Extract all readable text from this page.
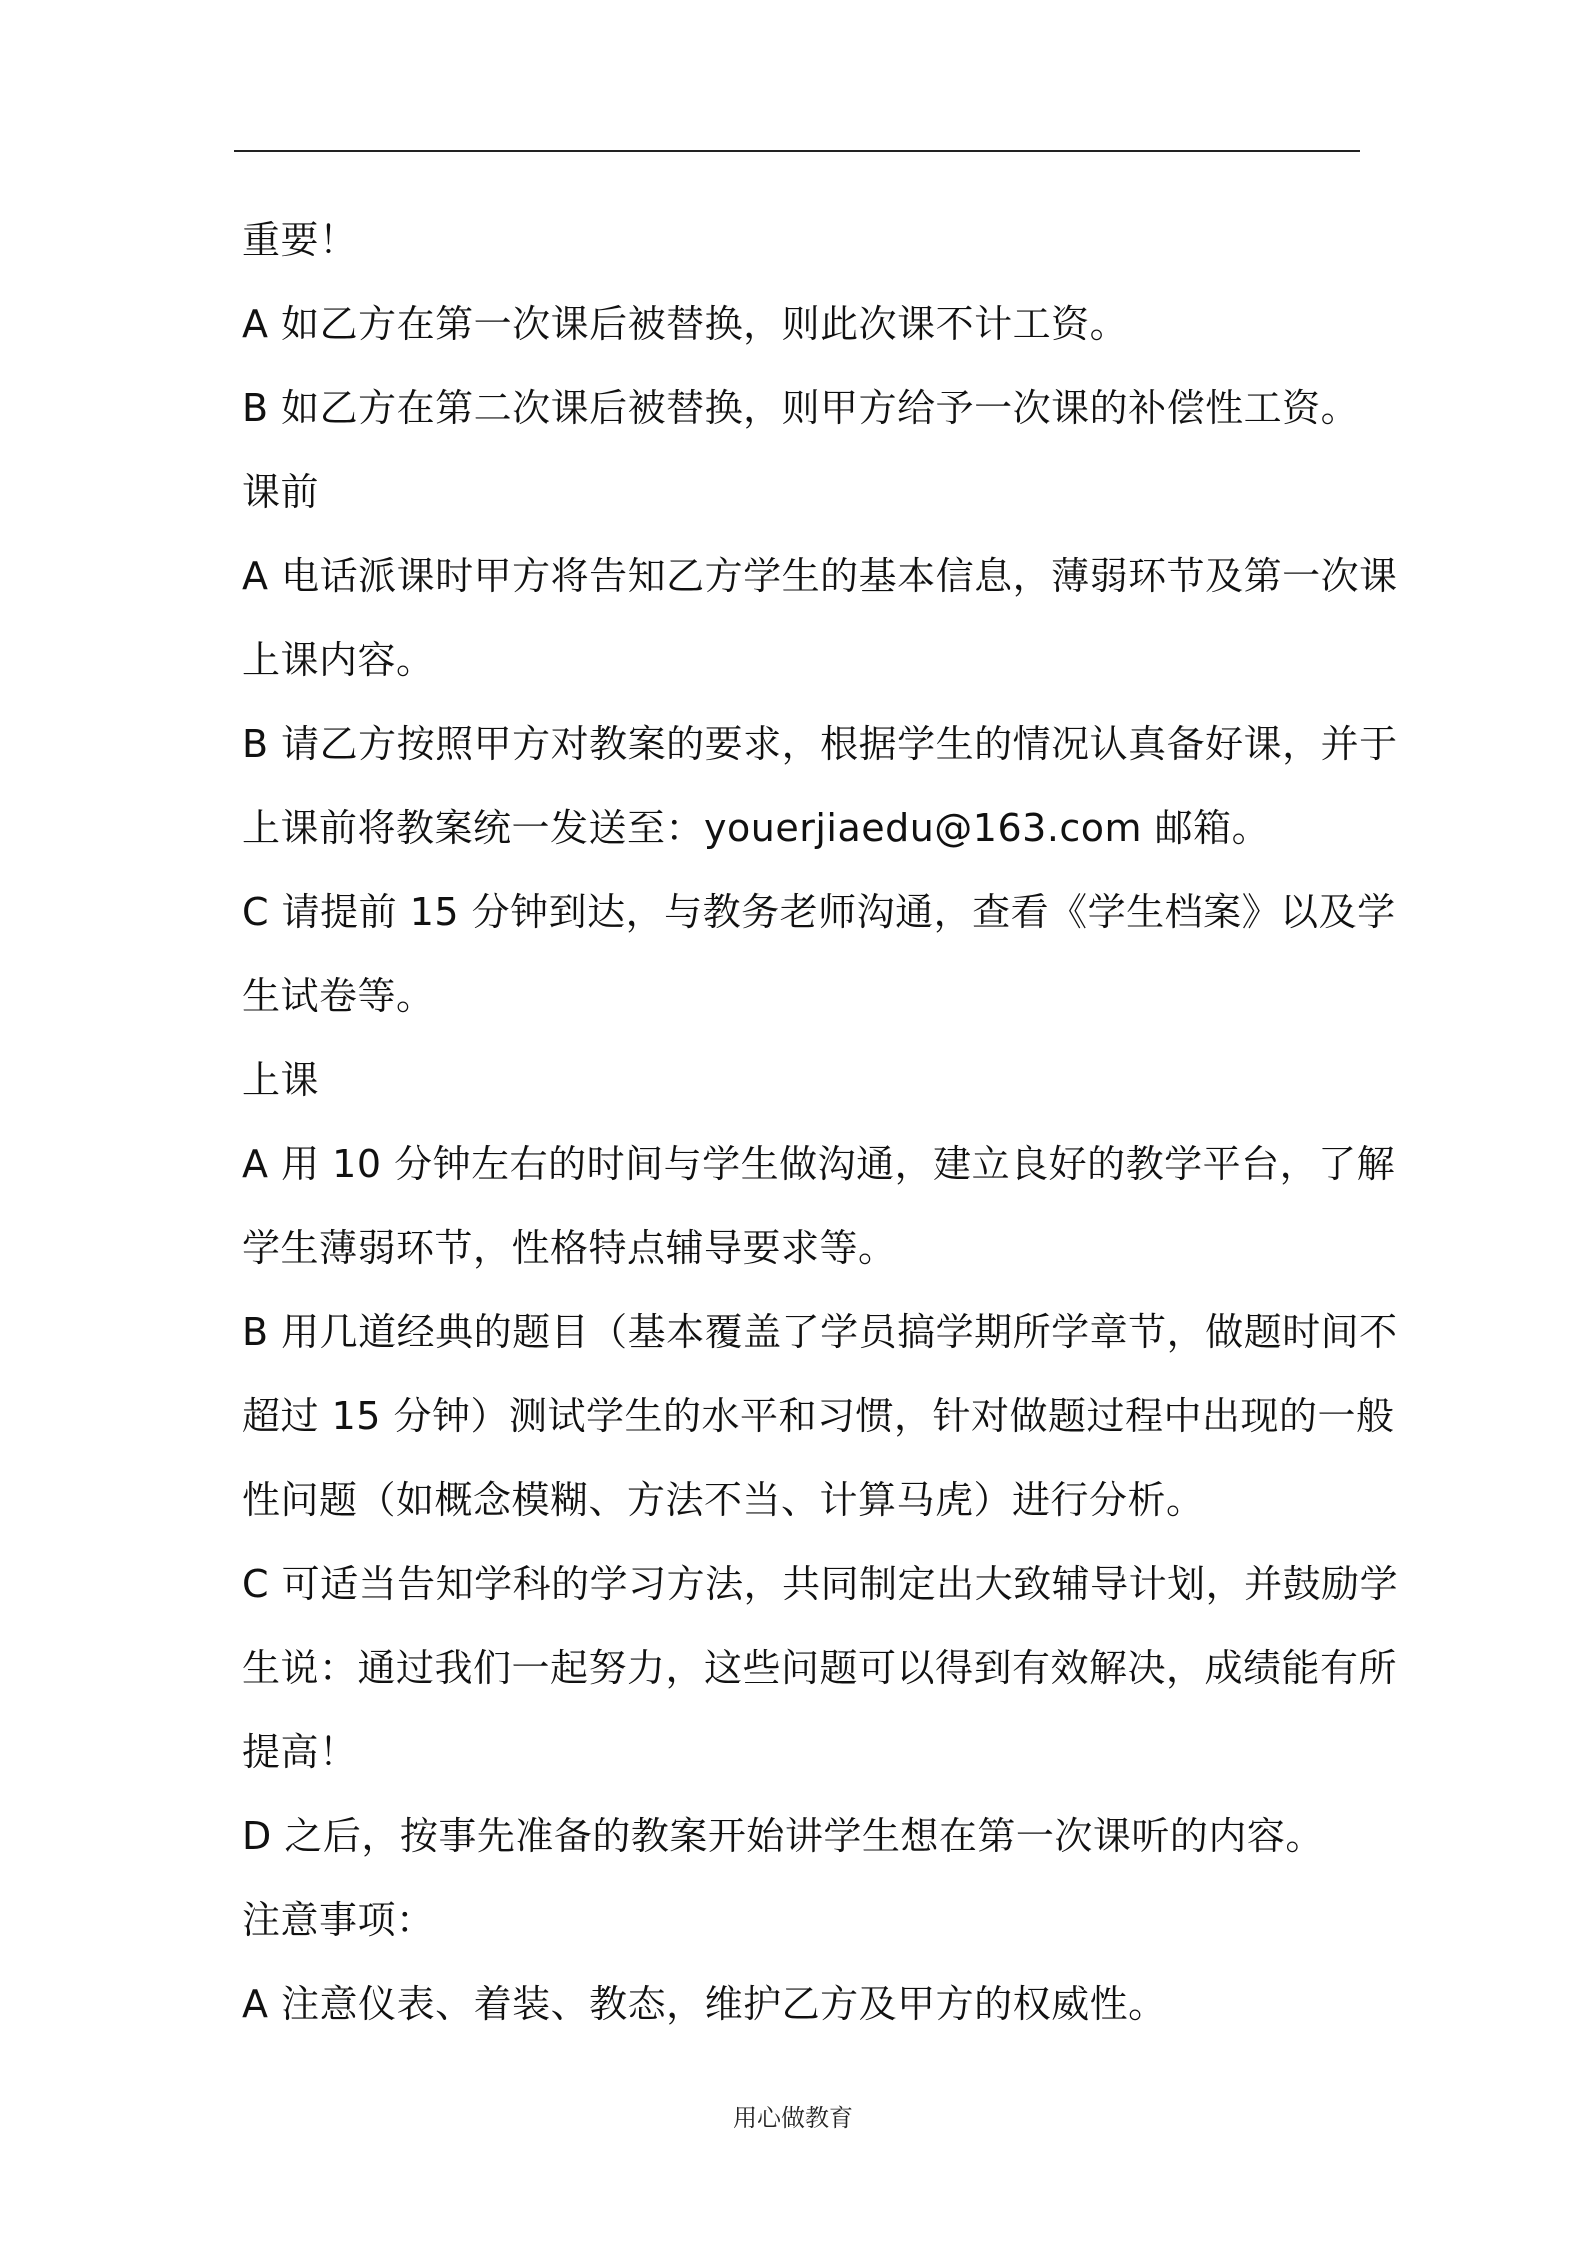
重要！
A 如乙方在第一次课后被替换，则此次课不计工资。
B 如乙方在第二次课后被替换，则甲方给予一次课的补偿性工资。
课前
A 电话派课时甲方将告知乙方学生的基本信息，薄弱环节及第一次课
上课内容。
B 请乙方按照甲方对教案的要求，根据学生的情况认真备好课，并于
上课前将教案统一发送至：youerjiaedu@163.com 邮箱。
C 请提前 15 分钟到达，与教务老师沟通，查看《学生档案》以及学
生试卷等。
上课
A 用 10 分钟左右的时间与学生做沟通，建立良好的教学平台，了解
学生薄弱环节，性格特点辅导要求等。
B 用几道经典的题目（基本覆盖了学员搞学期所学章节，做题时间不
超过 15 分钟）测试学生的水平和习惯，针对做题过程中出现的一般
性问题（如概念模糊、方法不当、计算马虎）进行分析。
C 可适当告知学科的学习方法，共同制定出大致辅导计划，并鼓励学
生说：通过我们一起努力，这些问题可以得到有效解决，成绩能有所
提高！
D 之后，按事先准备的教案开始讲学生想在第一次课听的内容。
注意事项：
A 注意仪表、着装、教态，维护乙方及甲方的权威性。
用心做教育
